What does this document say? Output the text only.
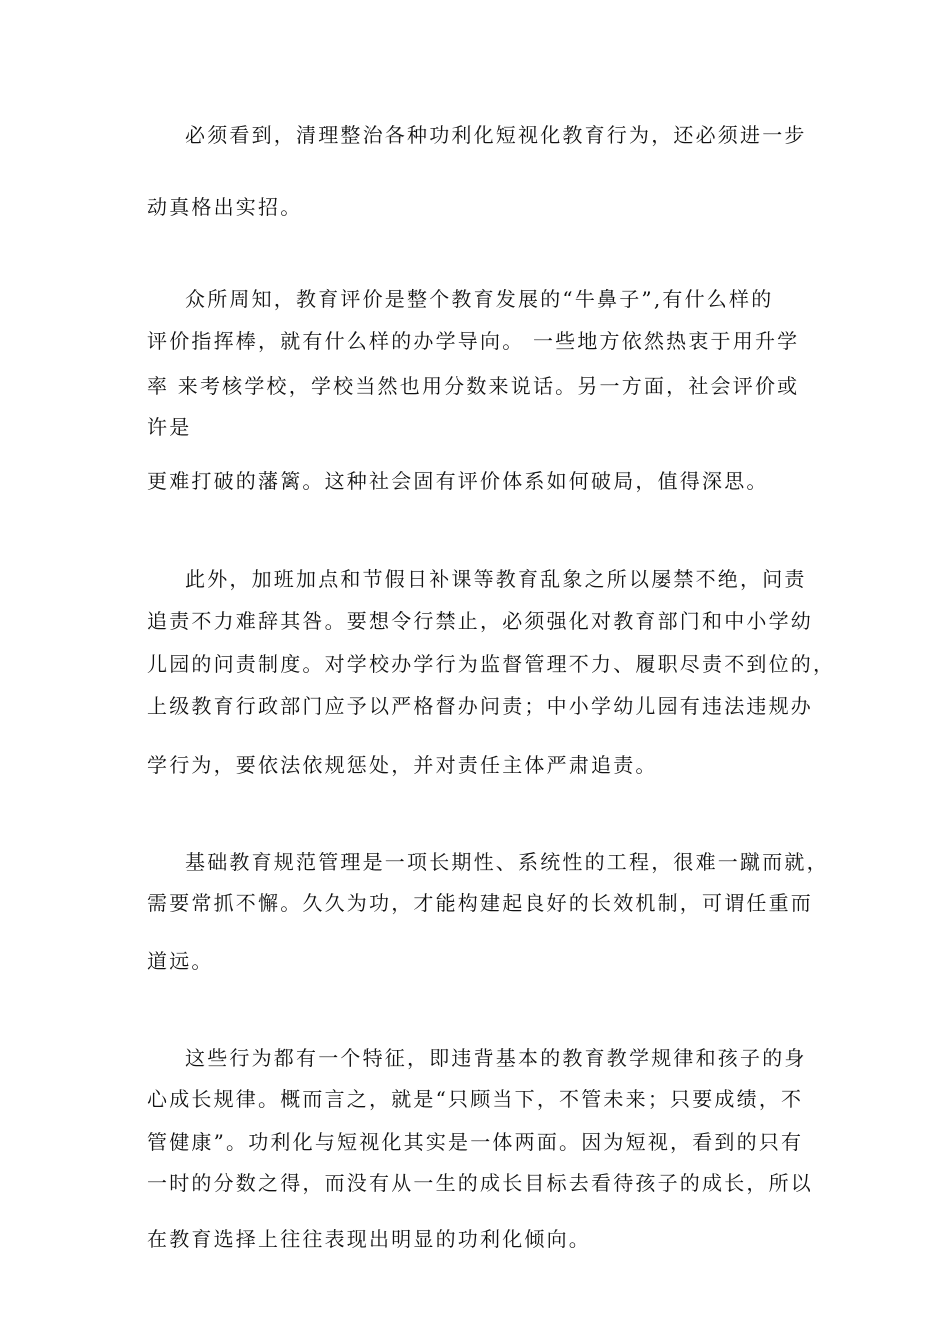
必须看到，清理整治各种功利化短视化教育行为，还必须进一步
动真格出实招。
众所周知，教育评价是整个教育发展的“牛鼻子”,有什么样的
评价指挥棒，就有什么样的办学导向。 一些地方依然热衷于用升学
率 来考核学校，学校当然也用分数来说话。另一方面，社会评价或
许是
更难打破的藩篱。这种社会固有评价体系如何破局，值得深思。
此外，加班加点和节假日补课等教育乱象之所以屡禁不绝，问责
追责不力难辞其咎。要想令行禁止，必须强化对教育部门和中小学幼
儿园的问责制度。对学校办学行为监督管理不力、履职尽责不到位的，
上级教育行政部门应予以严格督办问责；中小学幼儿园有违法违规办
学行为，要依法依规惩处，并对责任主体严肃追责。
基础教育规范管理是一项长期性、系统性的工程，很难一蹴而就，
需要常抓不懈。久久为功，才能构建起良好的长效机制，可谓任重而
道远。
这些行为都有一个特征，即违背基本的教育教学规律和孩子的身
心成长规律。概而言之，就是“只顾当下，不管未来；只要成绩，不
管健康”。功利化与短视化其实是一体两面。因为短视，看到的只有
一时的分数之得，而没有从一生的成长目标去看待孩子的成长，所以
在教育选择上往往表现出明显的功利化倾向。
